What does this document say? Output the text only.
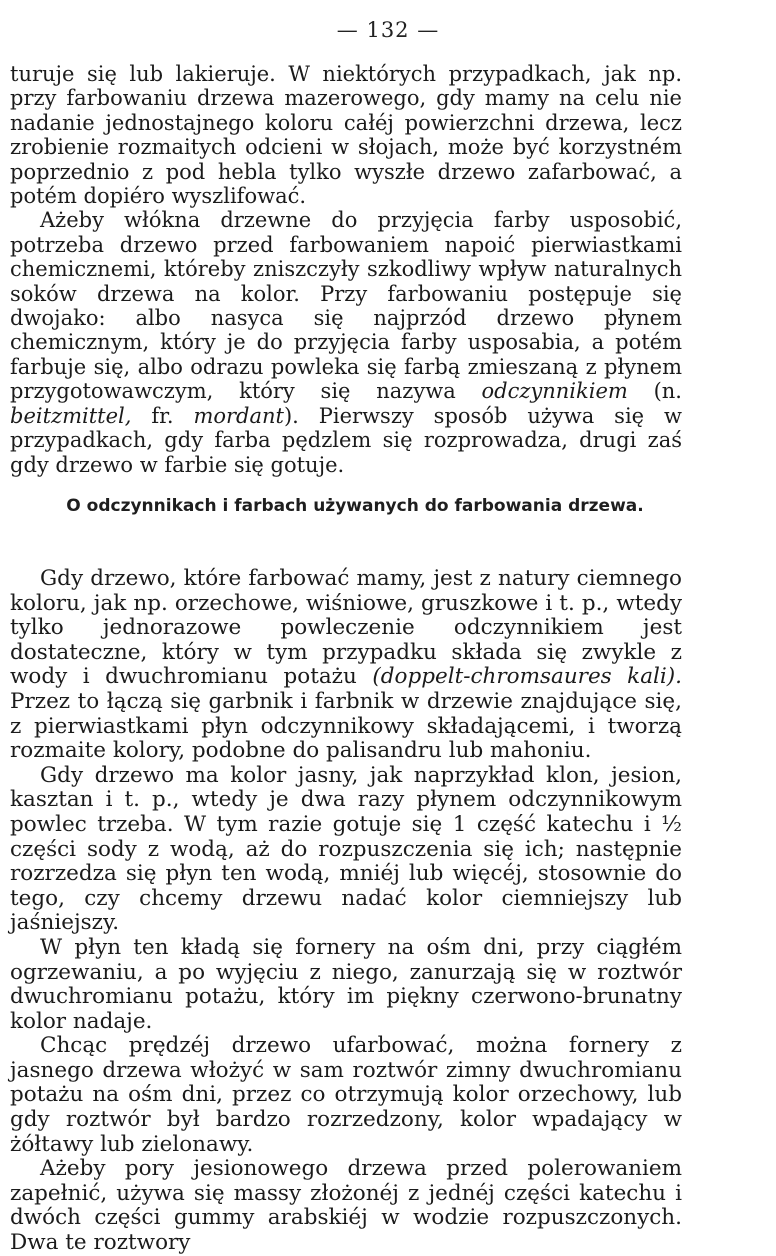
— 132 —

turuje się lub lakieruje. W niektórych przypadkach, jak np. przy farbowaniu drzewa mazerowego, gdy mamy na celu nie nadanie jednostajnego koloru całéj powierzchni drzewa, lecz zrobienie rozmaitych odcieni w słojach, może być korzystném poprzednio z pod hebla tylko wyszłe drzewo zafarbować, a potém dopiéro wyszlifować.

Ażeby włókna drzewne do przyjęcia farby usposobić, potrzeba drzewo przed farbowaniem napoić pierwiastkami chemicznemi, któreby zniszczyły szkodliwy wpływ naturalnych soków drzewa na kolor. Przy farbowaniu postępuje się dwojako: albo nasyca się najprzód drzewo płynem chemicznym, który je do przyjęcia farby usposabia, a potém farbuje się, albo odrazu powleka się farbą zmieszaną z płynem przygotowawczym, który się nazywa odczynnikiem (n. beitzmittel, fr. mordant). Pierwszy sposób używa się w przypadkach, gdy farba pędzlem się rozprowadza, drugi zaś gdy drzewo w farbie się gotuje.

O odczynnikach i farbach używanych do farbowania drzewa.

Gdy drzewo, które farbować mamy, jest z natury ciemnego koloru, jak np. orzechowe, wiśniowe, gruszkowe i t. p., wtedy tylko jednorazowe powleczenie odczynnikiem jest dostateczne, który w tym przypadku składa się zwykle z wody i dwuchromianu potażu (doppelt-chromsaures kali). Przez to łączą się garbnik i farbnik w drzewie znajdujące się, z pierwiastkami płyn odczynnikowy składającemi, i tworzą rozmaite kolory, podobne do palisandru lub mahoniu.

Gdy drzewo ma kolor jasny, jak naprzykład klon, jesion, kasztan i t. p., wtedy je dwa razy płynem odczynnikowym powlec trzeba. W tym razie gotuje się 1 część katechu i ½ części sody z wodą, aż do rozpuszczenia się ich; następnie rozrzedza się płyn ten wodą, mniéj lub więcéj, stosownie do tego, czy chcemy drzewu nadać kolor ciemniejszy lub jaśniejszy.

W płyn ten kładą się fornery na ośm dni, przy ciągłém ogrzewaniu, a po wyjęciu z niego, zanurzają się w roztwór dwuchromianu potażu, który im piękny czerwono-brunatny kolor nadaje.

Chcąc prędzéj drzewo ufarbować, można fornery z jasnego drzewa włożyć w sam roztwór zimny dwuchromianu potażu na ośm dni, przez co otrzymują kolor orzechowy, lub gdy roztwór był bardzo rozrzedzony, kolor wpadający w żółtawy lub zielonawy.

Ażeby pory jesionowego drzewa przed polerowaniem zapełnić, używa się massy złożonéj z jednéj części katechu i dwóch części gummy arabskiéj w wodzie rozpuszczonych. Dwa te roztwory
